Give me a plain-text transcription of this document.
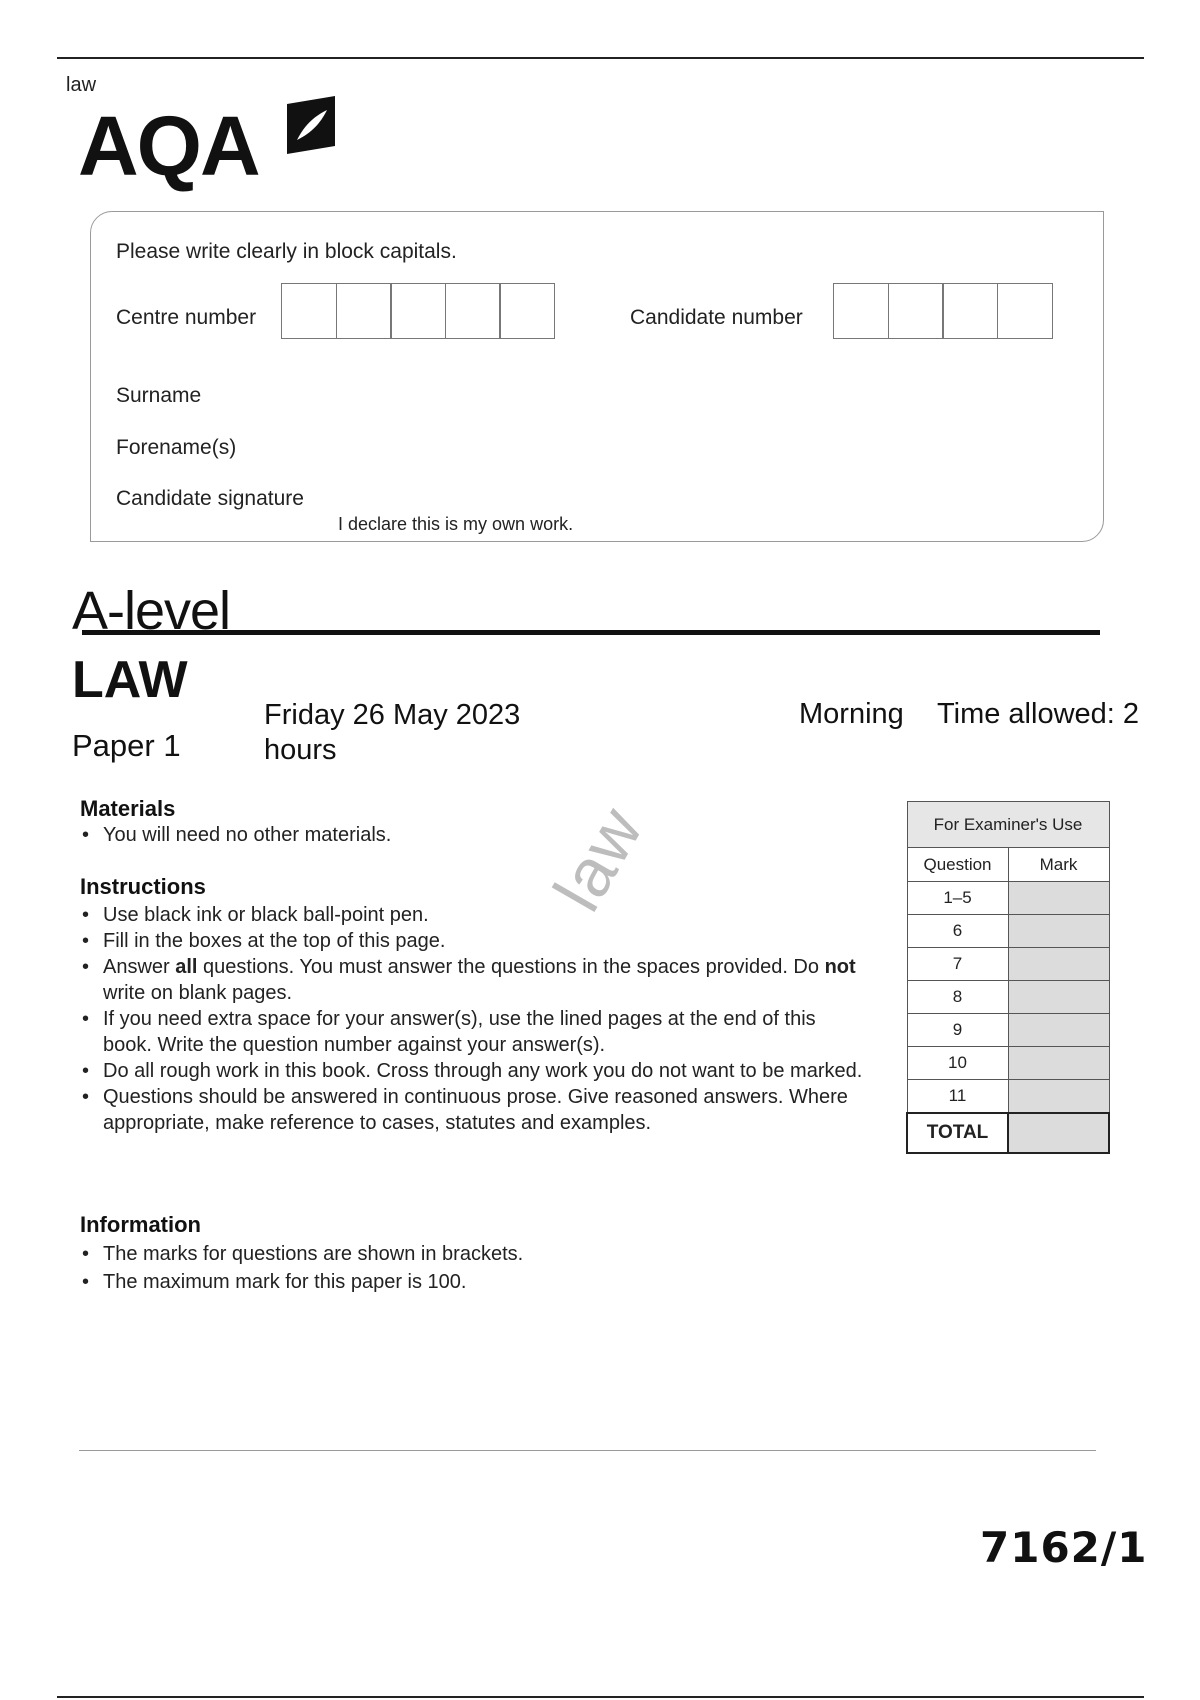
law
AQA
Please write clearly in block capitals.
Centre number	Candidate number
Surname
Forename(s)
Candidate signature
I declare this is my own work.
A-level
LAW
Paper 1
Friday 26 May 2023 hours
Morning Time allowed: 2
law
Materials
• You will need no other materials.
Instructions
• Use black ink or black ball-point pen.
• Fill in the boxes at the top of this page.
• Answer all questions. You must answer the questions in the spaces provided. Do not write on blank pages.
• If you need extra space for your answer(s), use the lined pages at the end of this book. Write the question number against your answer(s).
• Do all rough work in this book. Cross through any work you do not want to be marked.
• Questions should be answered in continuous prose. Give reasoned answers. Where appropriate, make reference to cases, statutes and examples.
Information
• The marks for questions are shown in brackets.
• The maximum mark for this paper is 100.
For Examiner's Use	
Question	Mark
1–5	
6	
7	
8	
9	
10	
11	
TOTAL	
7162/1
